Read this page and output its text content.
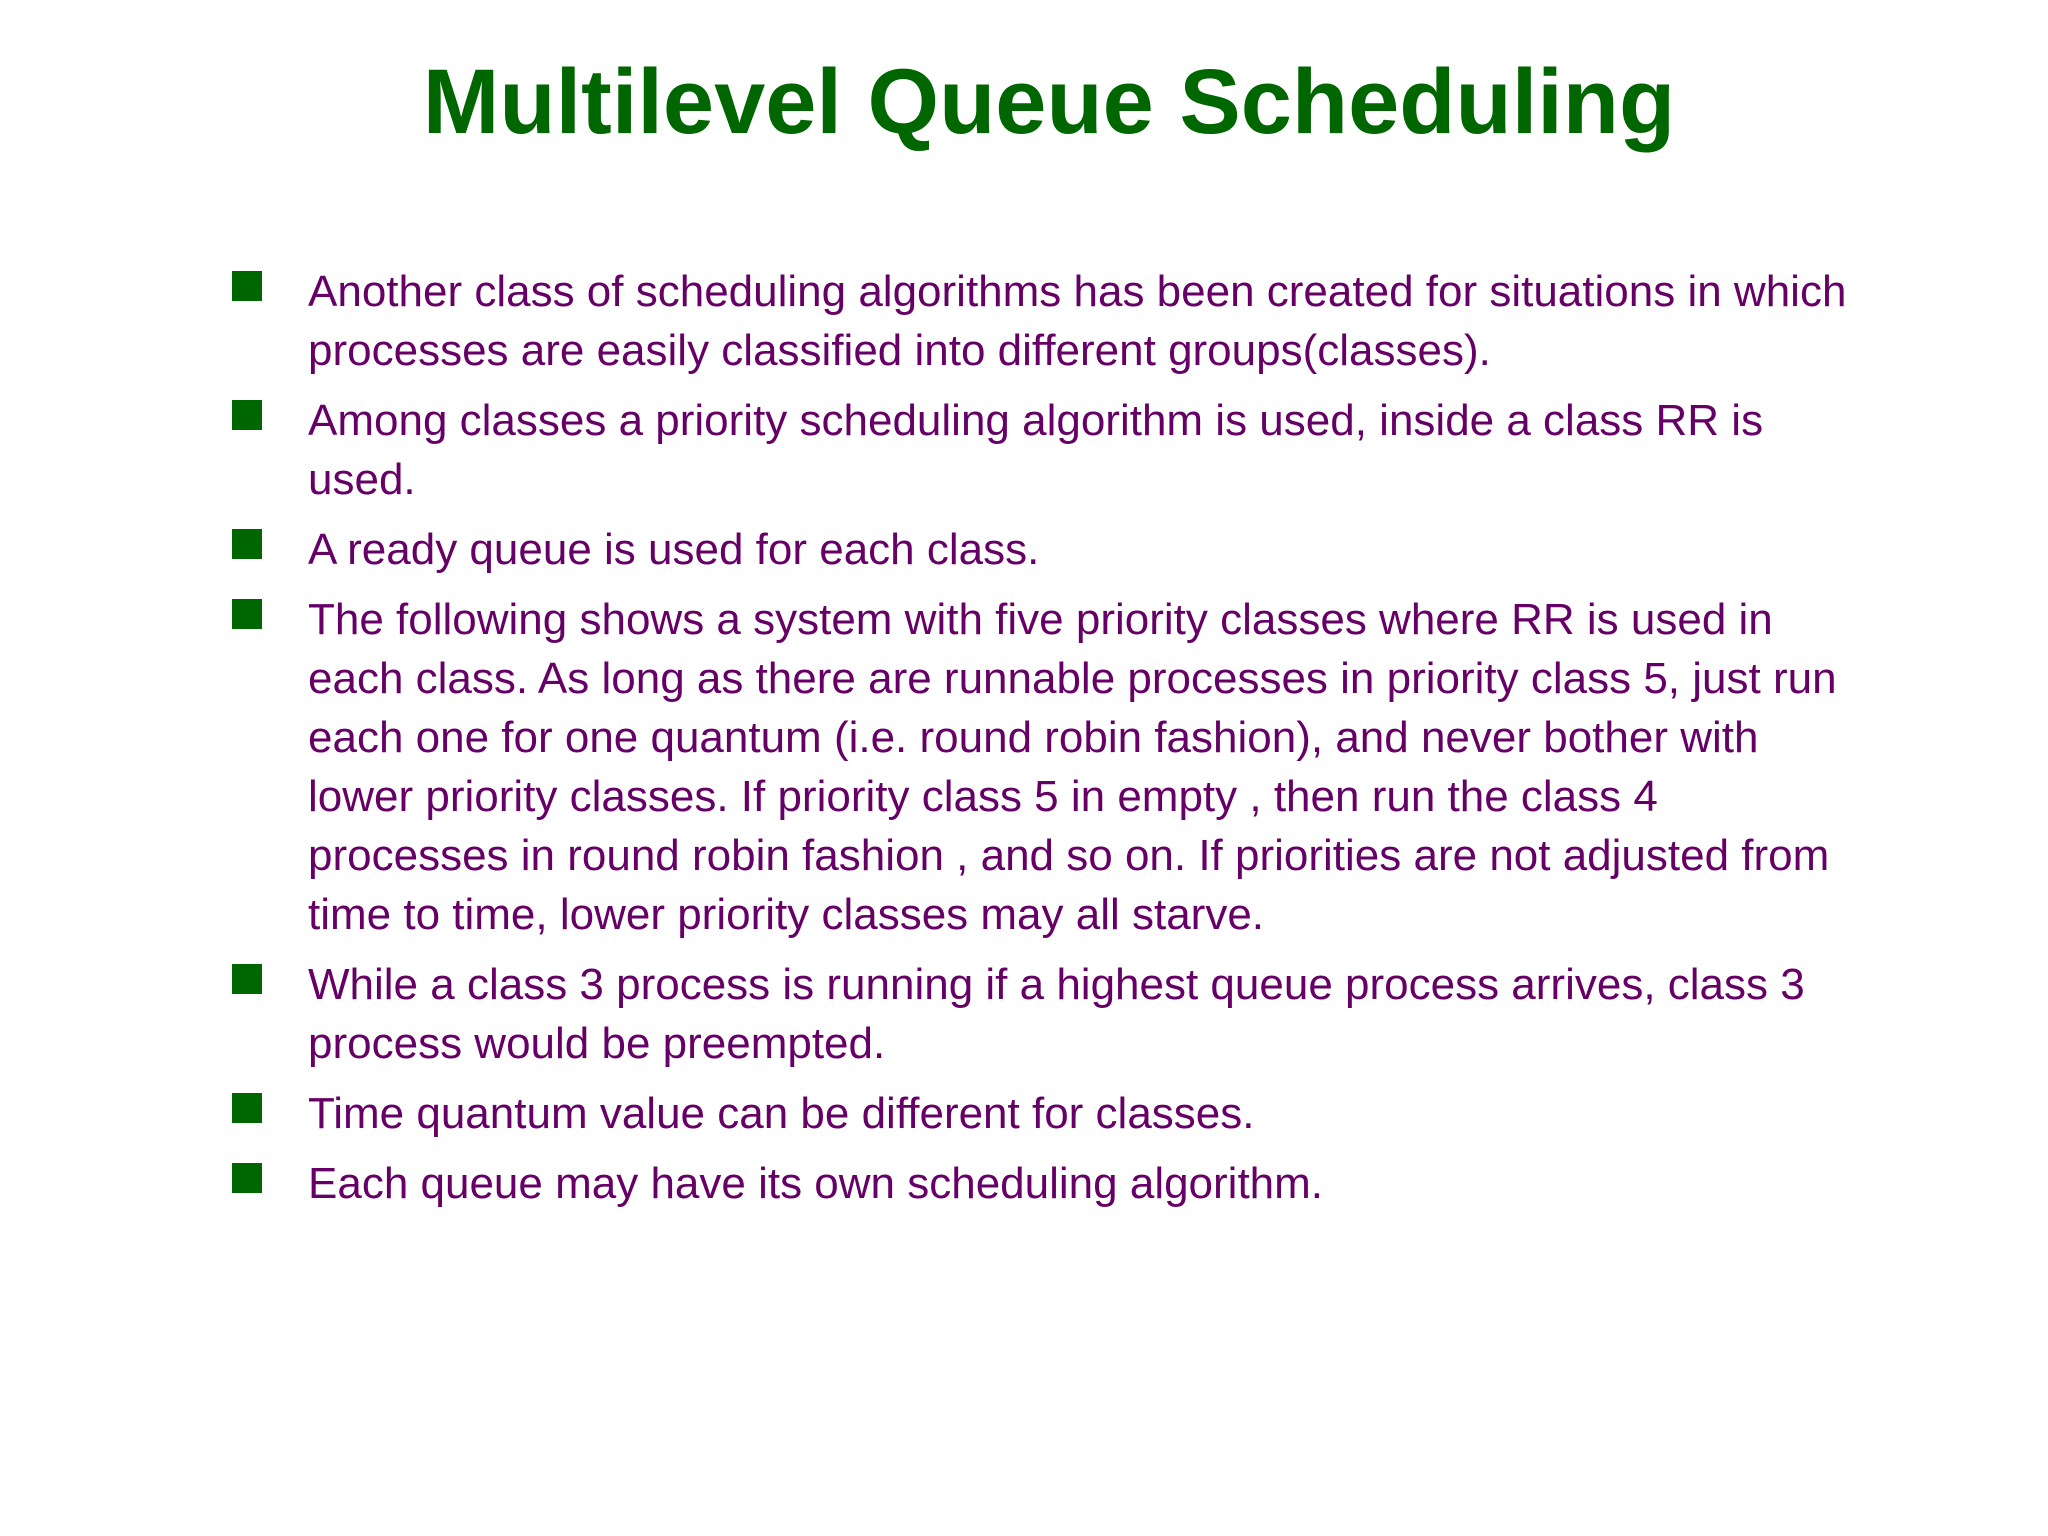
Multilevel Queue Scheduling
Another class of scheduling algorithms has been created for situations in which processes are easily classified into different groups(classes).
Among classes a priority scheduling algorithm is used, inside a class RR is used.
A ready queue is used for each class.
The following shows a system with five priority classes where RR is used in each class. As long as there are runnable processes in priority class 5, just run each one for one quantum (i.e. round robin fashion), and never bother with lower priority classes. If priority class 5 in empty , then run the class 4 processes in round robin fashion , and so on. If priorities are not adjusted from time to time, lower priority classes may all starve.
While a class 3 process is running if a highest queue process arrives, class 3 process would be preempted.
Time quantum value can be different for classes.
Each queue may have its own scheduling algorithm.
